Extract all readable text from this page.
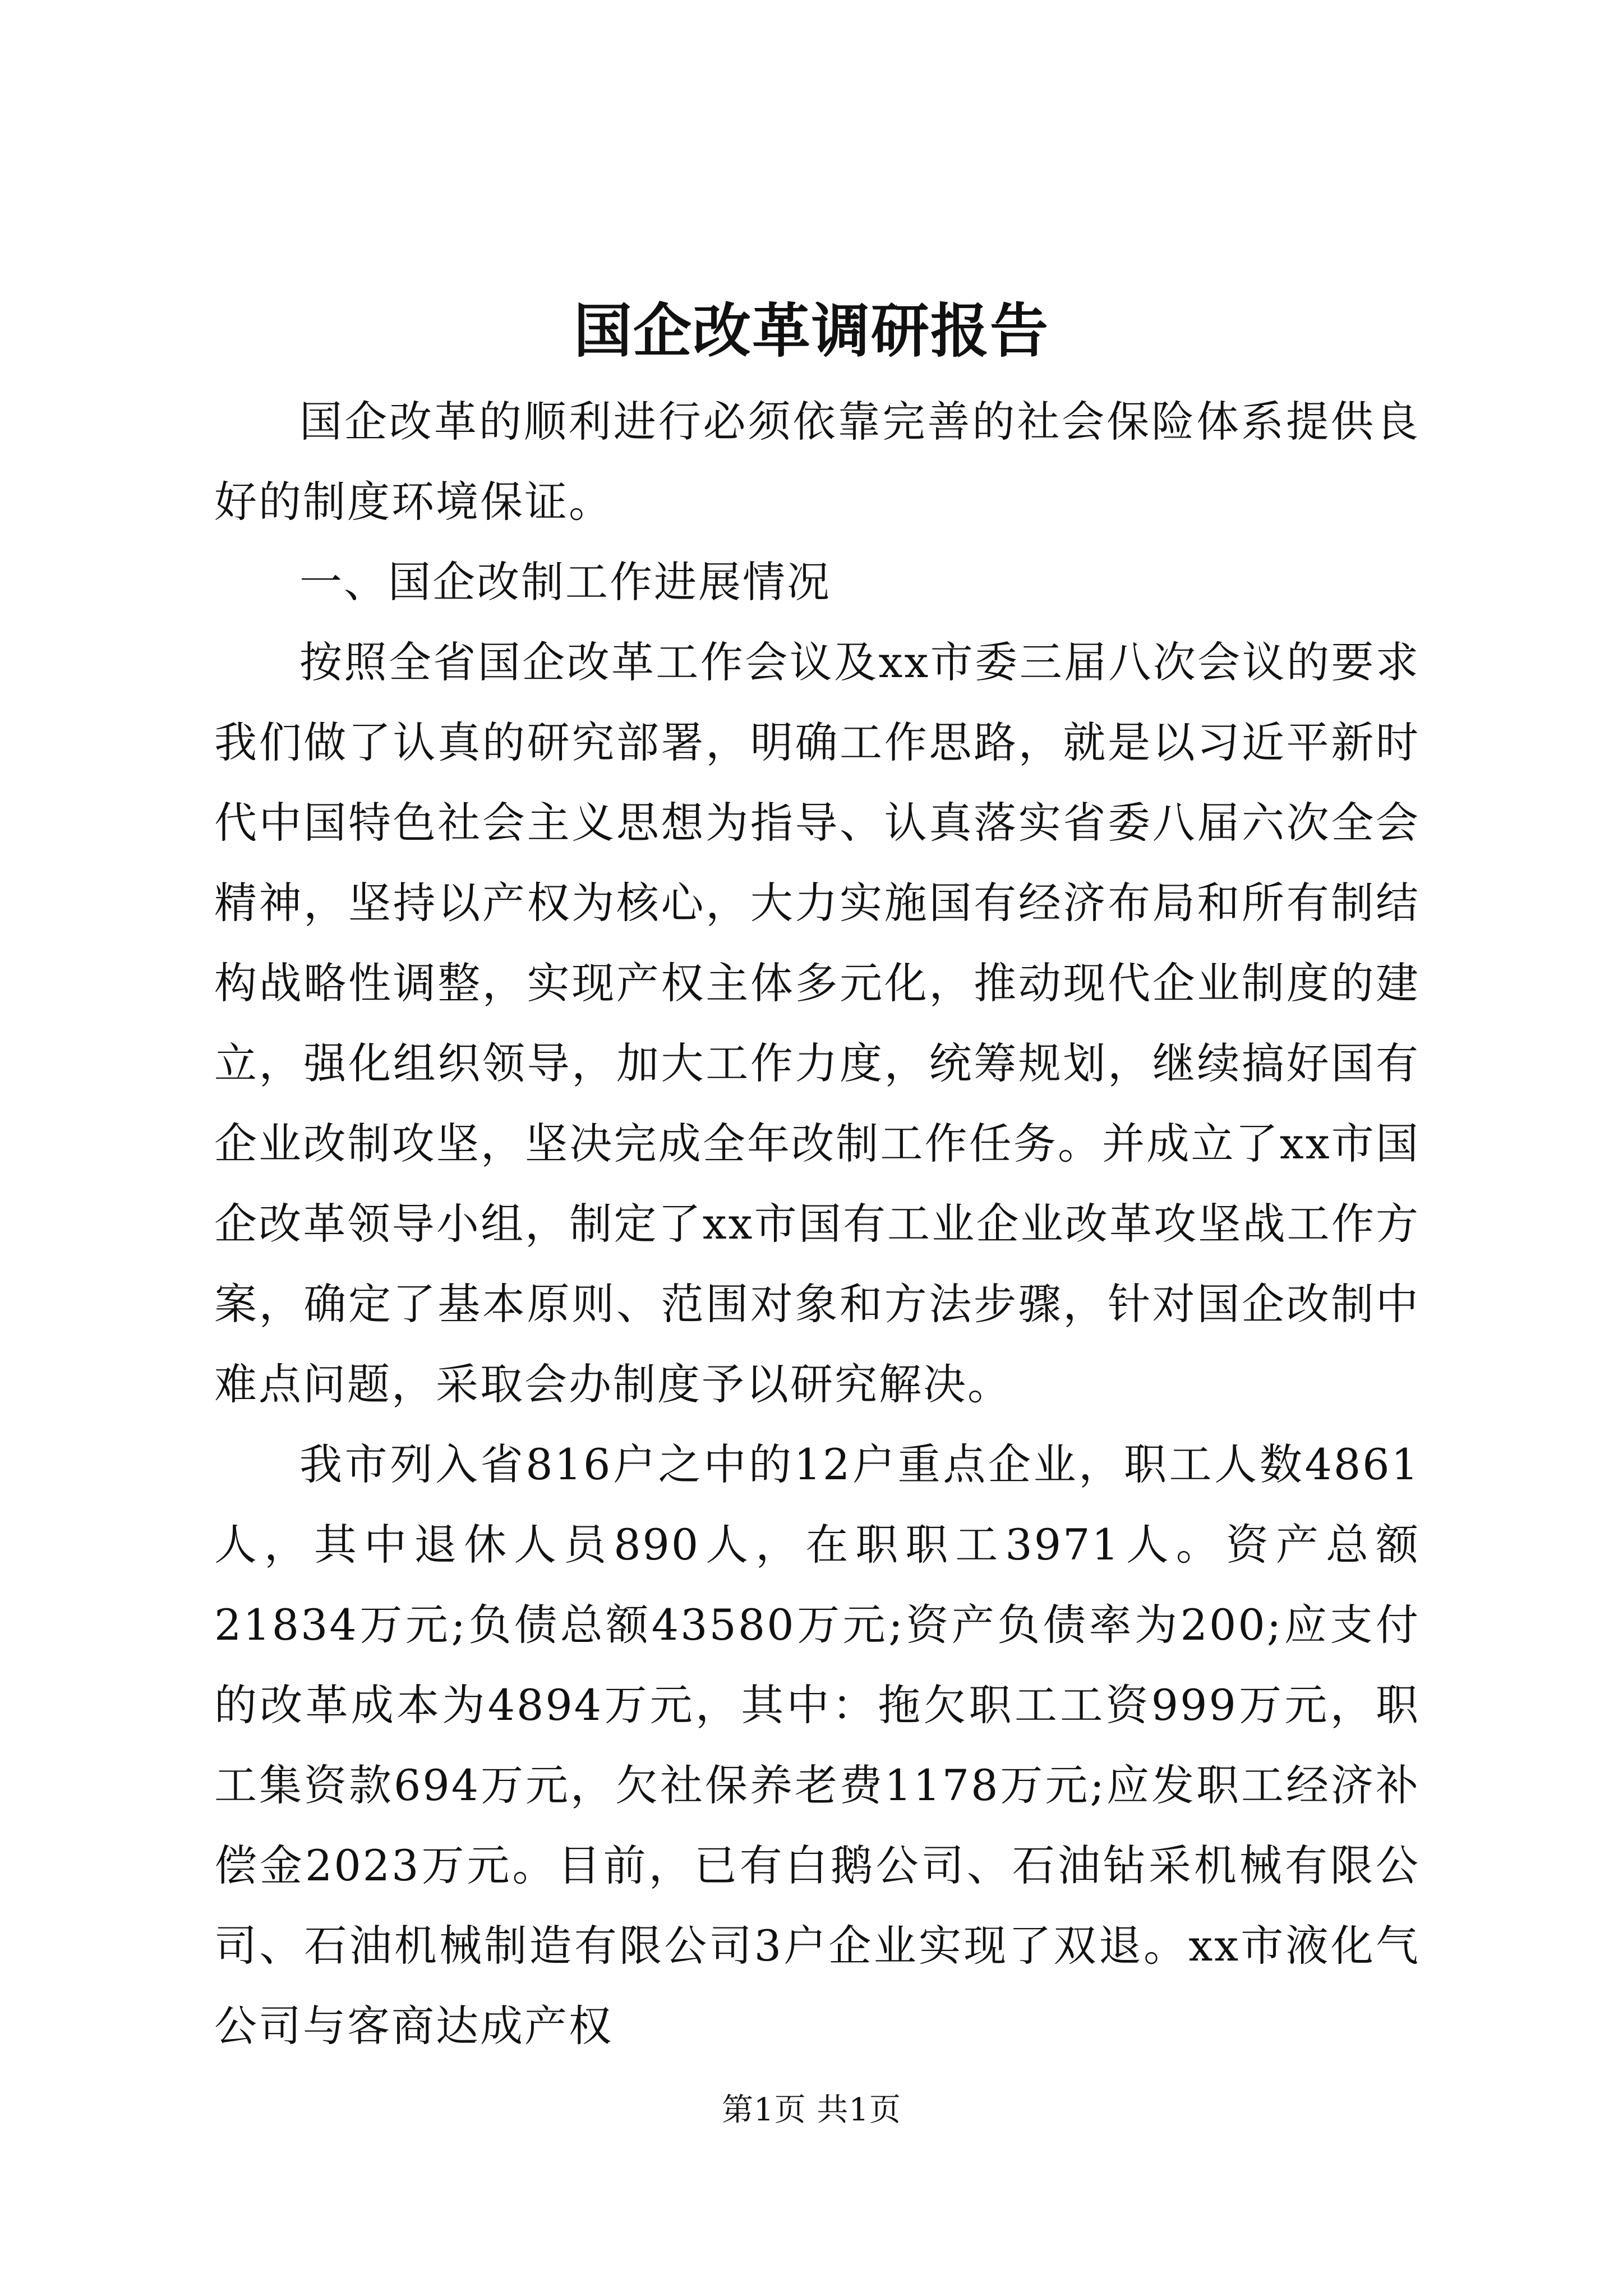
国企改革调研报告

国企改革的顺利进行必须依靠完善的社会保险体系提供良好的制度环境保证。

一、国企改制工作进展情况

按照全省国企改革工作会议及xx市委三届八次会议的要求我们做了认真的研究部署，明确工作思路，就是以习近平新时代中国特色社会主义思想为指导、认真落实省委八届六次全会精神，坚持以产权为核心，大力实施国有经济布局和所有制结构战略性调整，实现产权主体多元化，推动现代企业制度的建立，强化组织领导，加大工作力度，统筹规划，继续搞好国有企业改制攻坚，坚决完成全年改制工作任务。并成立了xx市国企改革领导小组，制定了xx市国有工业企业改革攻坚战工作方案，确定了基本原则、范围对象和方法步骤，针对国企改制中难点问题，采取会办制度予以研究解决。

我市列入省816户之中的12户重点企业，职工人数4861人，其中退休人员890人，在职职工3971人。资产总额21834万元;负债总额43580万元;资产负债率为200;应支付的改革成本为4894万元，其中：拖欠职工工资999万元，职工集资款694万元，欠社保养老费1178万元;应发职工经济补偿金2023万元。目前，已有白鹅公司、石油钻采机械有限公司、石油机械制造有限公司3户企业实现了双退。xx市液化气公司与客商达成产权

第1页 共1页
